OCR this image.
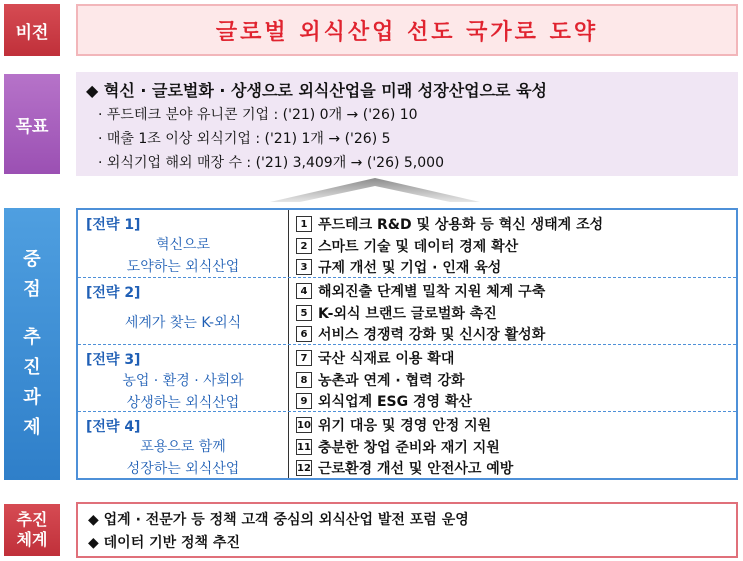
비전
목표
중
점
추
진
과
제
추진
체계
글로벌 외식산업 선도 국가로 도약
◆ 혁신 · 글로벌화 · 상생으로 외식산업을 미래 성장산업으로 육성
· 푸드테크 분야 유니콘 기업 : ('21) 0개 → ('26) 10
· 매출 1조 이상 외식기업 : ('21) 1개 → ('26) 5
· 외식기업 해외 매장 수 : ('21) 3,409개 → ('26) 5,000
[전략 1]
혁신으로
도약하는 외식산업
1 푸드테크 R&D 및 상용화 등 혁신 생태계 조성
2 스마트 기술 및 데이터 경제 확산
3 규제 개선 및 기업 · 인재 육성
[전략 2]
세계가 찾는 K-외식
4 해외진출 단계별 밀착 지원 체계 구축
5 K-외식 브랜드 글로벌화 촉진
6 서비스 경쟁력 강화 및 신시장 활성화
[전략 3]
농업 · 환경 · 사회와
상생하는 외식산업
7 국산 식재료 이용 확대
8 농촌과 연계 · 협력 강화
9 외식업계 ESG 경영 확산
[전략 4]
포용으로 함께
성장하는 외식산업
10 위기 대응 및 경영 안정 지원
11 충분한 창업 준비와 재기 지원
12 근로환경 개선 및 안전사고 예방
◆ 업계 · 전문가 등 정책 고객 중심의 외식산업 발전 포럼 운영
◆ 데이터 기반 정책 추진
